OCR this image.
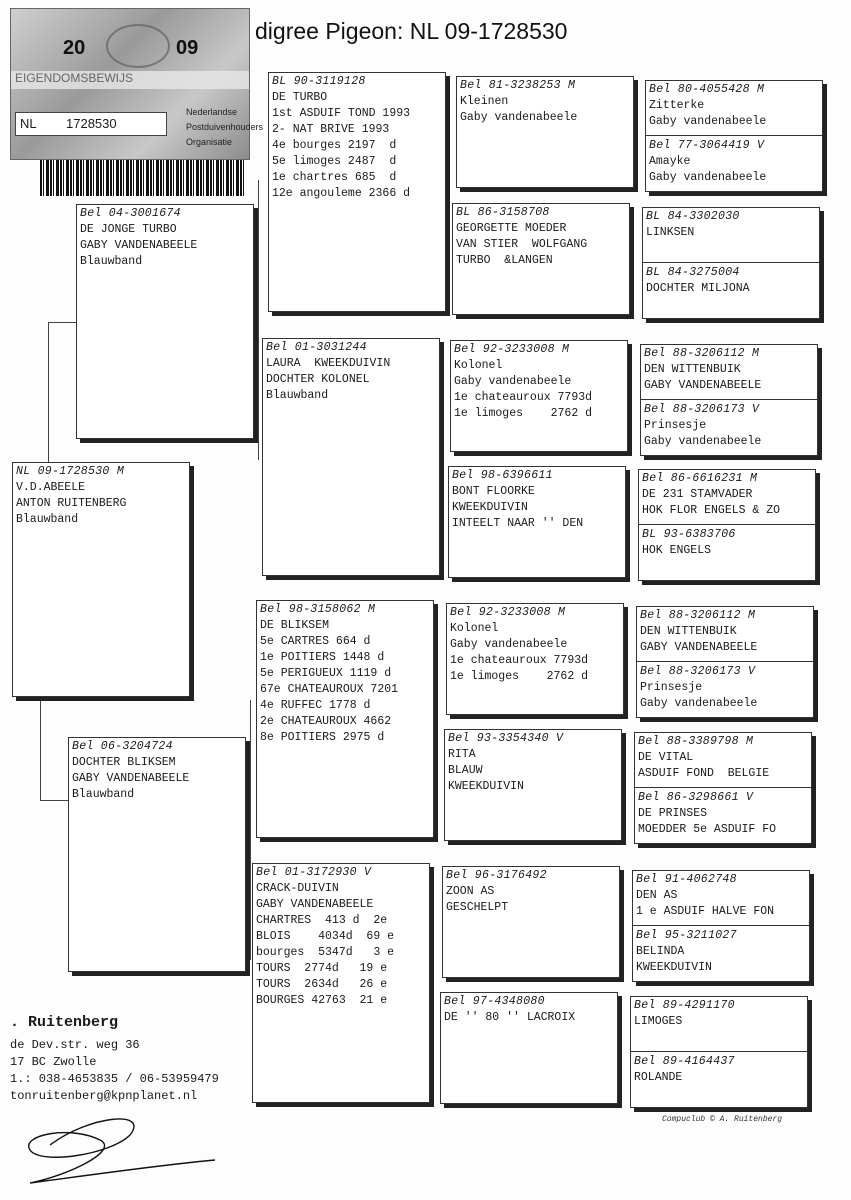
digree Pigeon: NL 09-1728530
20	09
EIGENDOMSBEWIJS
NL 1728530
Nederlandse
Postduivenhouders
Organisatie
NL 09-1728530 M
V.D.ABEELE
ANTON RUITENBERG
Blauwband
Bel 04-3001674
DE JONGE TURBO
GABY VANDENABEELE
Blauwband
Bel 06-3204724
DOCHTER BLIKSEM
GABY VANDENABEELE
Blauwband
BL 90-3119128
DE TURBO
1st ASDUIF TOND 1993
2- NAT BRIVE 1993
4e bourges 2197  d
5e limoges 2487  d
1e chartres 685  d
12e angouleme 2366 d
Bel 01-3031244
LAURA  KWEEKDUIVIN
DOCHTER KOLONEL
Blauwband
Bel 98-3158062 M
DE BLIKSEM
5e CARTRES 664 d
1e POITIERS 1448 d
5e PERIGUEUX 1119 d
67e CHATEAUROUX 7201
4e RUFFEC 1778 d
2e CHATEAUROUX 4662
8e POITIERS 2975 d
Bel 01-3172930 V
CRACK-DUIVIN
GABY VANDENABEELE
CHARTRES  413 d  2e
BLOIS    4034d  69 e
bourges  5347d   3 e
TOURS  2774d   19 e
TOURS  2634d   26 e
BOURGES 42763  21 e
Bel 81-3238253 M
Kleinen
Gaby vandenabeele
BL 86-3158708
GEORGETTE MOEDER
VAN STIER  WOLFGANG
TURBO  &LANGEN
Bel 92-3233008 M
Kolonel
Gaby vandenabeele
1e chateauroux 7793d
1e limoges    2762 d
Bel 98-6396611
BONT FLOORKE
KWEEKDUIVIN
INTEELT NAAR '' DEN
Bel 92-3233008 M
Kolonel
Gaby vandenabeele
1e chateauroux 7793d
1e limoges    2762 d
Bel 93-3354340 V
RITA
BLAUW
KWEEKDUIVIN
Bel 96-3176492
ZOON AS
GESCHELPT
Bel 97-4348080
DE '' 80 '' LACROIX
Bel 80-4055428 M
Zitterke
Gaby vandenabeele
Bel 77-3064419 V
Amayke
Gaby vandenabeele
BL 84-3302030
LINKSEN
BL 84-3275004
DOCHTER MILJONA
Bel 88-3206112 M
DEN WITTENBUIK
GABY VANDENABEELE
Bel 88-3206173 V
Prinsesje
Gaby vandenabeele
Bel 86-6616231 M
DE 231 STAMVADER
HOK FLOR ENGELS & ZO
BL 93-6383706
HOK ENGELS
Bel 88-3206112 M
DEN WITTENBUIK
GABY VANDENABEELE
Bel 88-3206173 V
Prinsesje
Gaby vandenabeele
Bel 88-3389798 M
DE VITAL
ASDUIF FOND  BELGIE
Bel 86-3298661 V
DE PRINSES
MOEDDER 5e ASDUIF FO
Bel 91-4062748
DEN AS
1 e ASDUIF HALVE FON
Bel 95-3211027
BELINDA
KWEEKDUIVIN
Bel 89-4291170
LIMOGES
Bel 89-4164437
ROLANDE
. Ruitenberg
de Dev.str. weg 36
17 BC Zwolle
1.: 038-4653835 / 06-53959479
tonruitenberg@kpnplanet.nl
Compuclub © A. Ruitenberg
